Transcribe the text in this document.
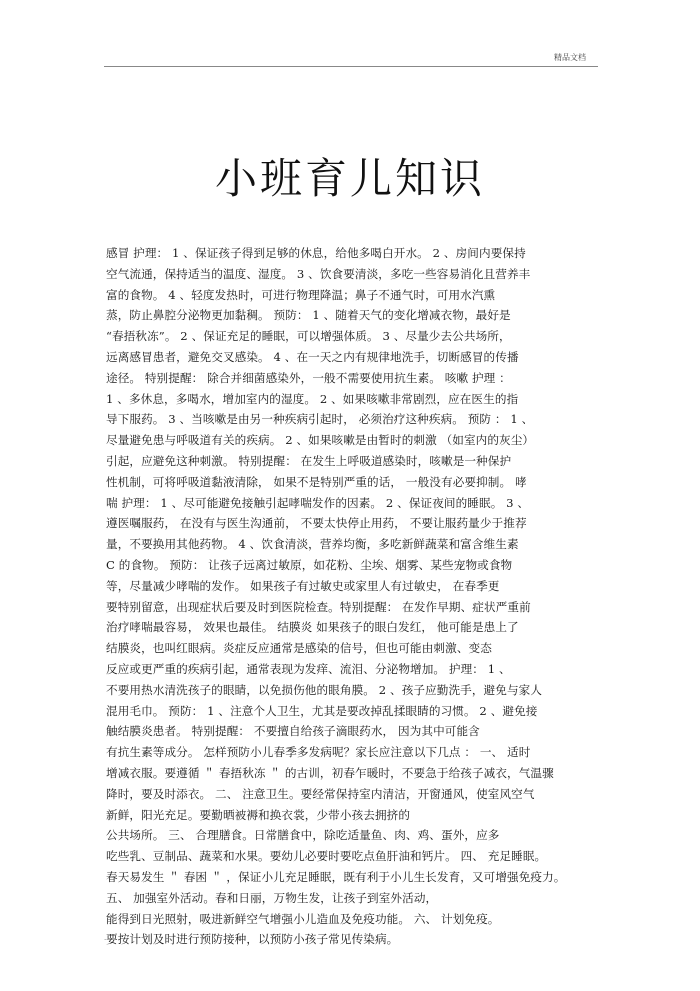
精品文档
小班育儿知识
感冒 护理： 1 、保证孩子得到足够的休息，给他多喝白开水。 2 、房间内要保持
空气流通，保持适当的温度、湿度。 3 、饮食要清淡，多吃一些容易消化且营养丰
富的食物。 4 、轻度发热时，可进行物理降温；鼻子不通气时，可用水汽熏
蒸，防止鼻腔分泌物更加黏稠。 预防： 1 、随着天气的变化增减衣物，最好是
“春捂秋冻”。 2 、保证充足的睡眠，可以增强体质。 3 、尽量少去公共场所，
远离感冒患者，避免交叉感染。 4 、在一天之内有规律地洗手，切断感冒的传播
途径。 特别提醒： 除合并细菌感染外，一般不需要使用抗生素。 咳嗽 护理 ：
1 、多休息，多喝水，增加室内的湿度。 2 、如果咳嗽非常剧烈，应在医生的指
导下服药。 3 、当咳嗽是由另一种疾病引起时， 必须治疗这种疾病。 预防 ： 1 、
尽量避免患与呼吸道有关的疾病。 2 、如果咳嗽是由暂时的刺激 （如室内的灰尘）
引起，应避免这种刺激。 特别提醒： 在发生上呼吸道感染时，咳嗽是一种保护
性机制，可将呼吸道黏液清除， 如果不是特别严重的话， 一般没有必要抑制。 哮
喘 护理： 1 、尽可能避免接触引起哮喘发作的因素。 2 、保证夜间的睡眠。 3 、
遵医嘱服药， 在没有与医生沟通前， 不要太快停止用药， 不要让服药量少于推荐
量，不要换用其他药物。 4 、饮食清淡，营养均衡，多吃新鲜蔬菜和富含维生素
C 的食物。 预防： 让孩子远离过敏原，如花粉、尘埃、烟雾、某些宠物或食物
等，尽量减少哮喘的发作。 如果孩子有过敏史或家里人有过敏史， 在春季更
要特别留意，出现症状后要及时到医院检查。特别提醒： 在发作早期、症状严重前
治疗哮喘最容易， 效果也最佳。 结膜炎 如果孩子的眼白发红， 他可能是患上了
结膜炎，也叫红眼病。炎症反应通常是感染的信号，但也可能由刺激、变态
反应或更严重的疾病引起，通常表现为发痒、流泪、分泌物增加。 护理： 1 、
不要用热水清洗孩子的眼睛，以免损伤他的眼角膜。 2 、孩子应勤洗手，避免与家人
混用毛巾。 预防： 1 、注意个人卫生，尤其是要改掉乱揉眼睛的习惯。 2 、避免接
触结膜炎患者。 特别提醒： 不要擅自给孩子滴眼药水， 因为其中可能含
有抗生素等成分。 怎样预防小儿春季多发病呢？家长应注意以下几点 ： 一、 适时
增减衣服。要遵循 ＂ 春捂秋冻 ＂ 的古训，初春乍暖时，不要急于给孩子减衣，气温骤
降时，要及时添衣。 二、 注意卫生。要经常保持室内清洁，开窗通风，使室风空气
新鲜，阳光充足。要勤晒被褥和换衣裳，少带小孩去拥挤的
公共场所。 三、 合理膳食。日常膳食中，除吃适量鱼、肉、鸡、蛋外，应多
吃些乳、豆制品、蔬菜和水果。要幼儿必要时要吃点鱼肝油和钙片。 四、 充足睡眠。
春天易发生 ＂ 春困 ＂ ，保证小儿充足睡眠，既有利于小儿生长发育，又可增强免疫力。
五、 加强室外活动。春和日丽，万物生发，让孩子到室外活动，
能得到日光照射，吸进新鲜空气增强小儿造血及免疫功能。 六、 计划免疫。
要按计划及时进行预防接种，以预防小孩子常见传染病。
.
